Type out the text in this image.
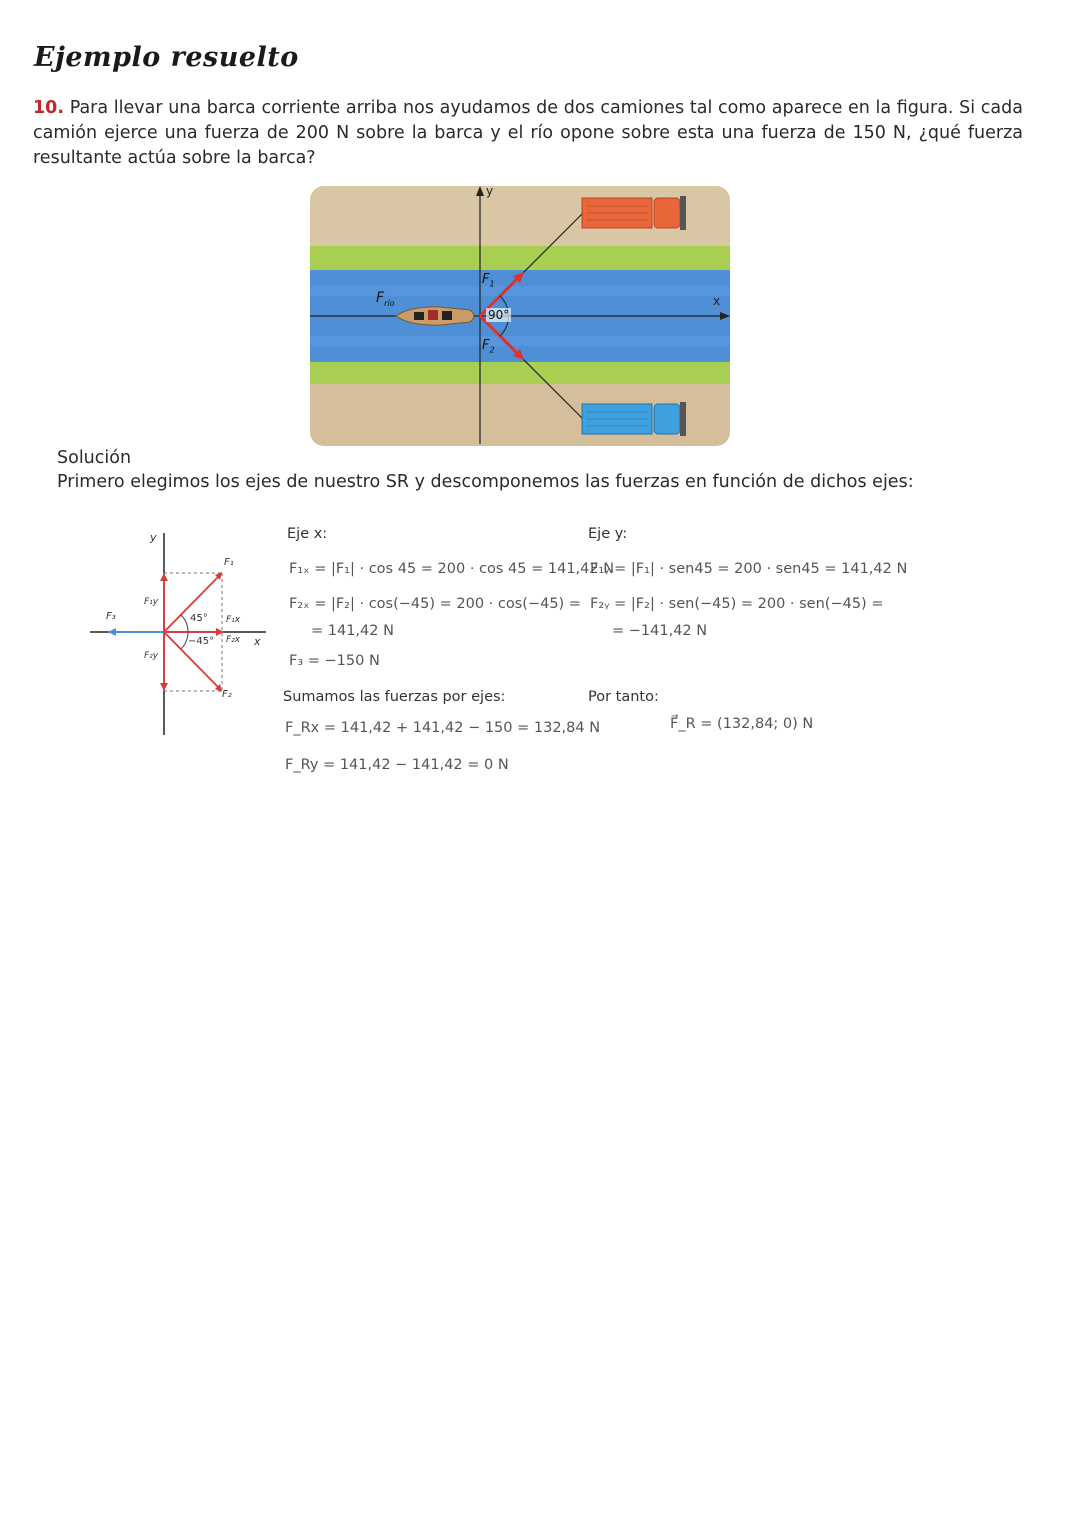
Ejemplo resuelto
10. Para llevar una barca corriente arriba nos ayudamos de dos camiones tal como aparece en la figura. Si cada camión ejerce una fuerza de 200 N sobre la barca y el río opone sobre esta una fuerza de 150 N, ¿qué fuerza resultante actúa sobre la barca?
y
x
$F_{río}$
$F_1$
$F_2$
90°
Solución
Primero elegimos los ejes de nuestro SR y descomponemos las fuerzas en función de dichos ejes:
y
x
F₁
F₂
F₃
F₁y
F₂y
F₁x
F₂x
45°
−45°
Eje x:
F₁ₓ = |F₁| · cos 45 = 200 · cos 45 = 141,42 N
F₂ₓ = |F₂| · cos(−45) = 200 · cos(−45) =
= 141,42 N
F₃ = −150 N
Eje y:
F₁ᵧ = |F₁| · sen45 = 200 · sen45 = 141,42 N
F₂ᵧ = |F₂| · sen(−45) = 200 · sen(−45) =
= −141,42 N
Sumamos las fuerzas por ejes:
F_Rx = 141,42 + 141,42 − 150 = 132,84 N
F_Ry = 141,42 − 141,42 = 0 N
Por tanto:
F⃗_R = (132,84; 0) N
